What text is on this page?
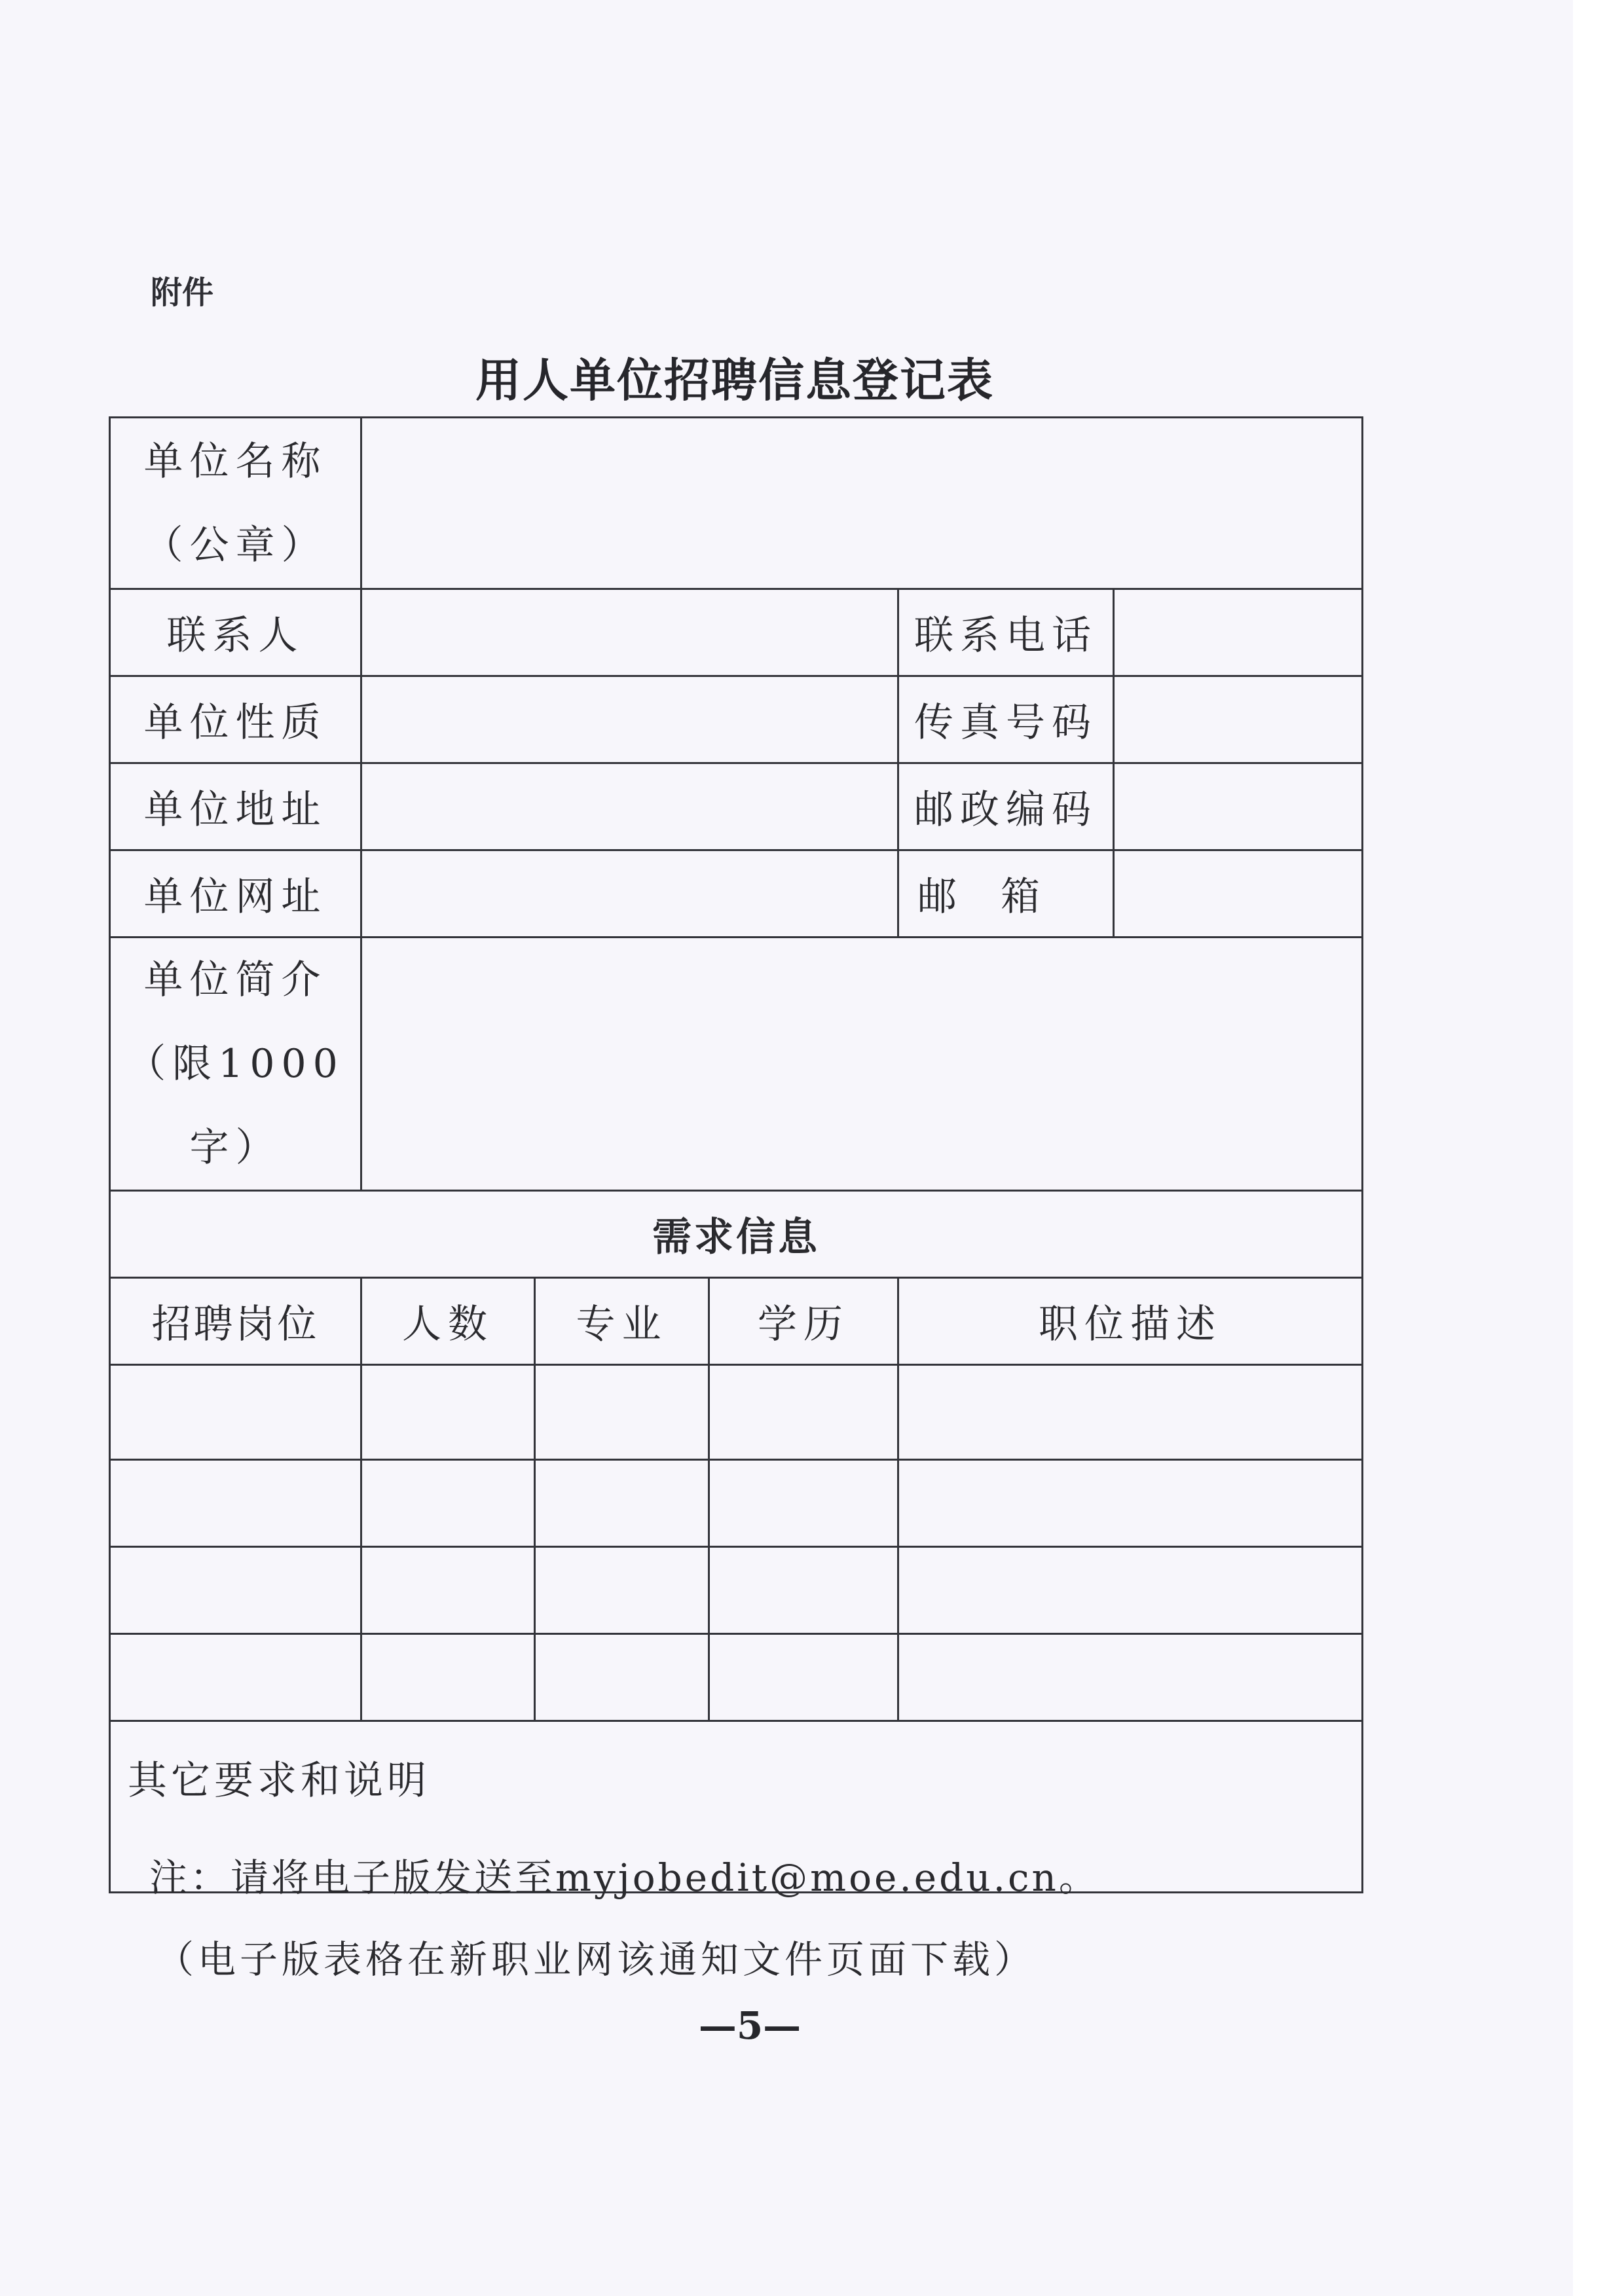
附件
用人单位招聘信息登记表
单位名称
（公章）					

联系人				联系电话	
单位性质				传真号码	
单位地址				邮政编码	
单位网址				邮 箱	

单位简介
（限1000字）					

需求信息					
招聘岗位	人数	专业	学历	职位描述	

其它要求和说明					
注：请将电子版发送至myjobedit@moe.edu.cn。
（电子版表格在新职业网该通知文件页面下载）
—5—
